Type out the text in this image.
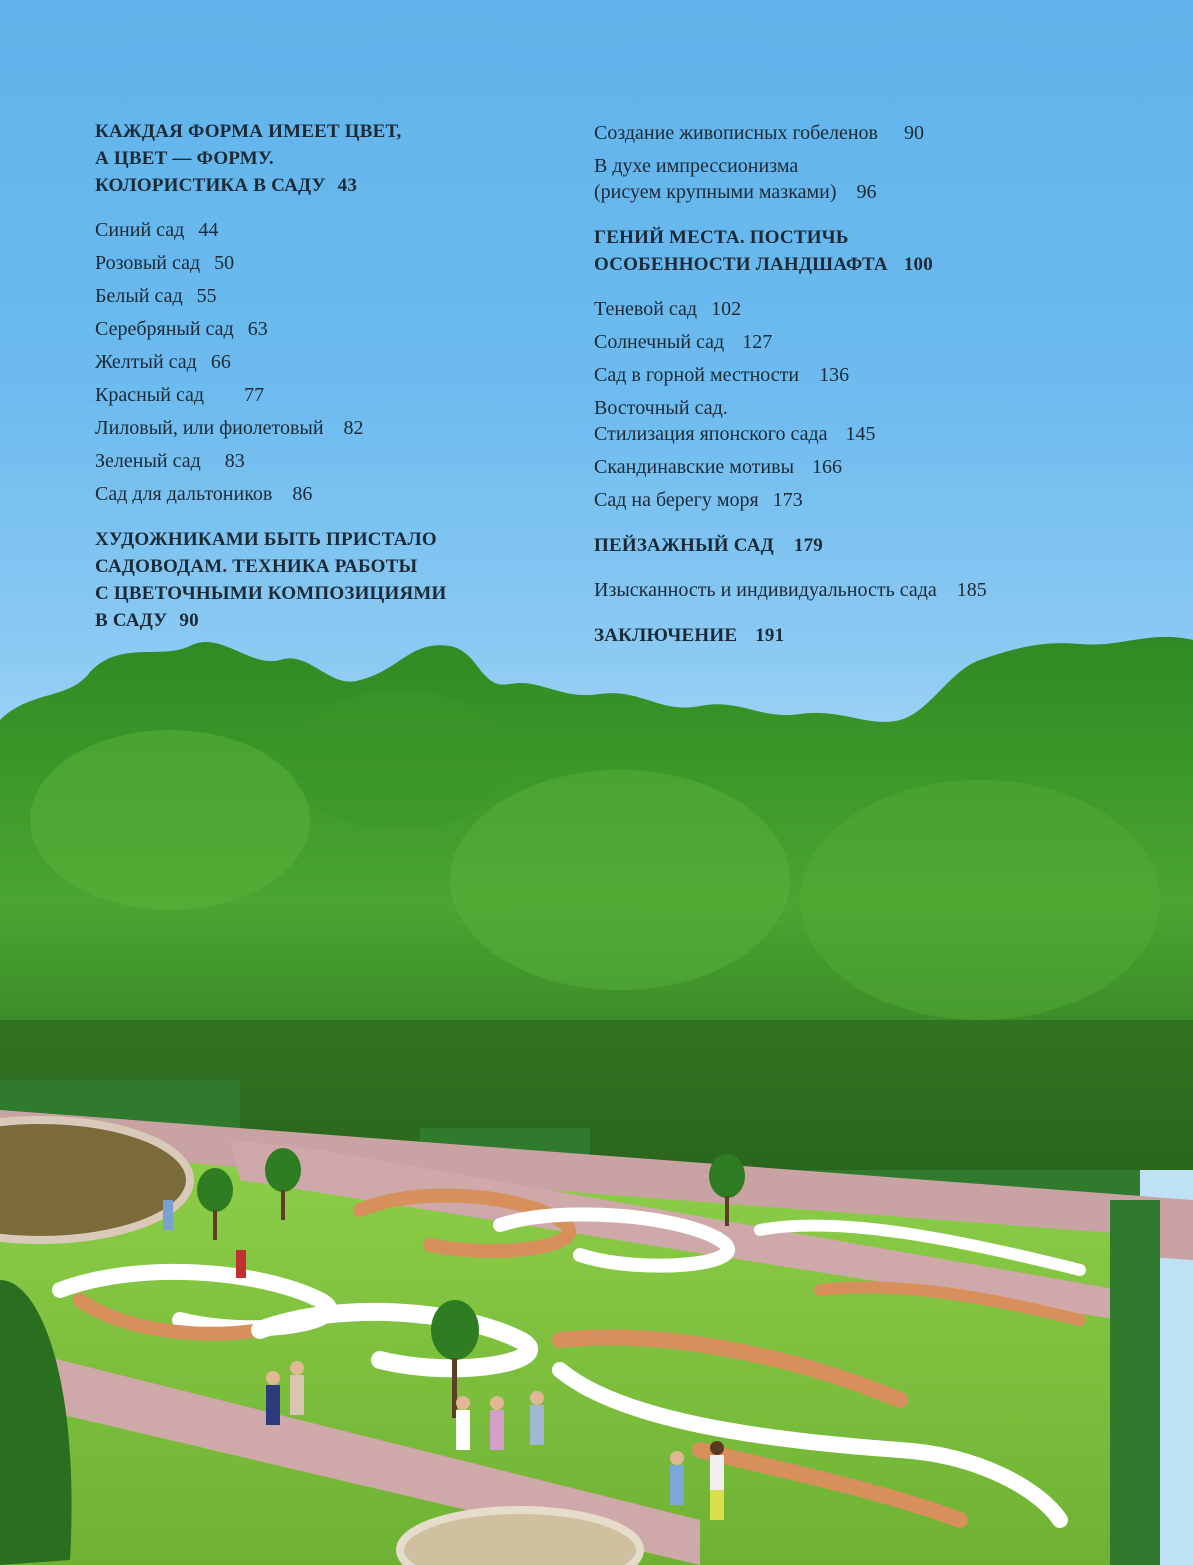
КАЖДАЯ ФОРМА ИМЕЕТ ЦВЕТ,
А ЦВЕТ — ФОРМУ.
КОЛОРИСТИКА В САДУ 43
Синий сад 44
Розовый сад 50
Белый сад 55
Серебряный сад 63
Желтый сад 66
Красный сад 77
Лиловый, или фиолетовый 82
Зеленый сад 83
Сад для дальтоников 86
ХУДОЖНИКАМИ БЫТЬ ПРИСТАЛО
САДОВОДАМ. ТЕХНИКА РАБОТЫ
С ЦВЕТОЧНЫМИ КОМПОЗИЦИЯМИ
В САДУ 90
Создание живописных гобеленов 90
В духе импрессионизма
(рисуем крупными мазками) 96
ГЕНИЙ МЕСТА. ПОСТИЧЬ
ОСОБЕННОСТИ ЛАНДШАФТА 100
Теневой сад 102
Солнечный сад 127
Сад в горной местности 136
Восточный сад.
Стилизация японского сада 145
Скандинавские мотивы 166
Сад на берегу моря 173
ПЕЙЗАЖНЫЙ САД 179
Изысканность и индивидуальность сада 185
ЗАКЛЮЧЕНИЕ 191
